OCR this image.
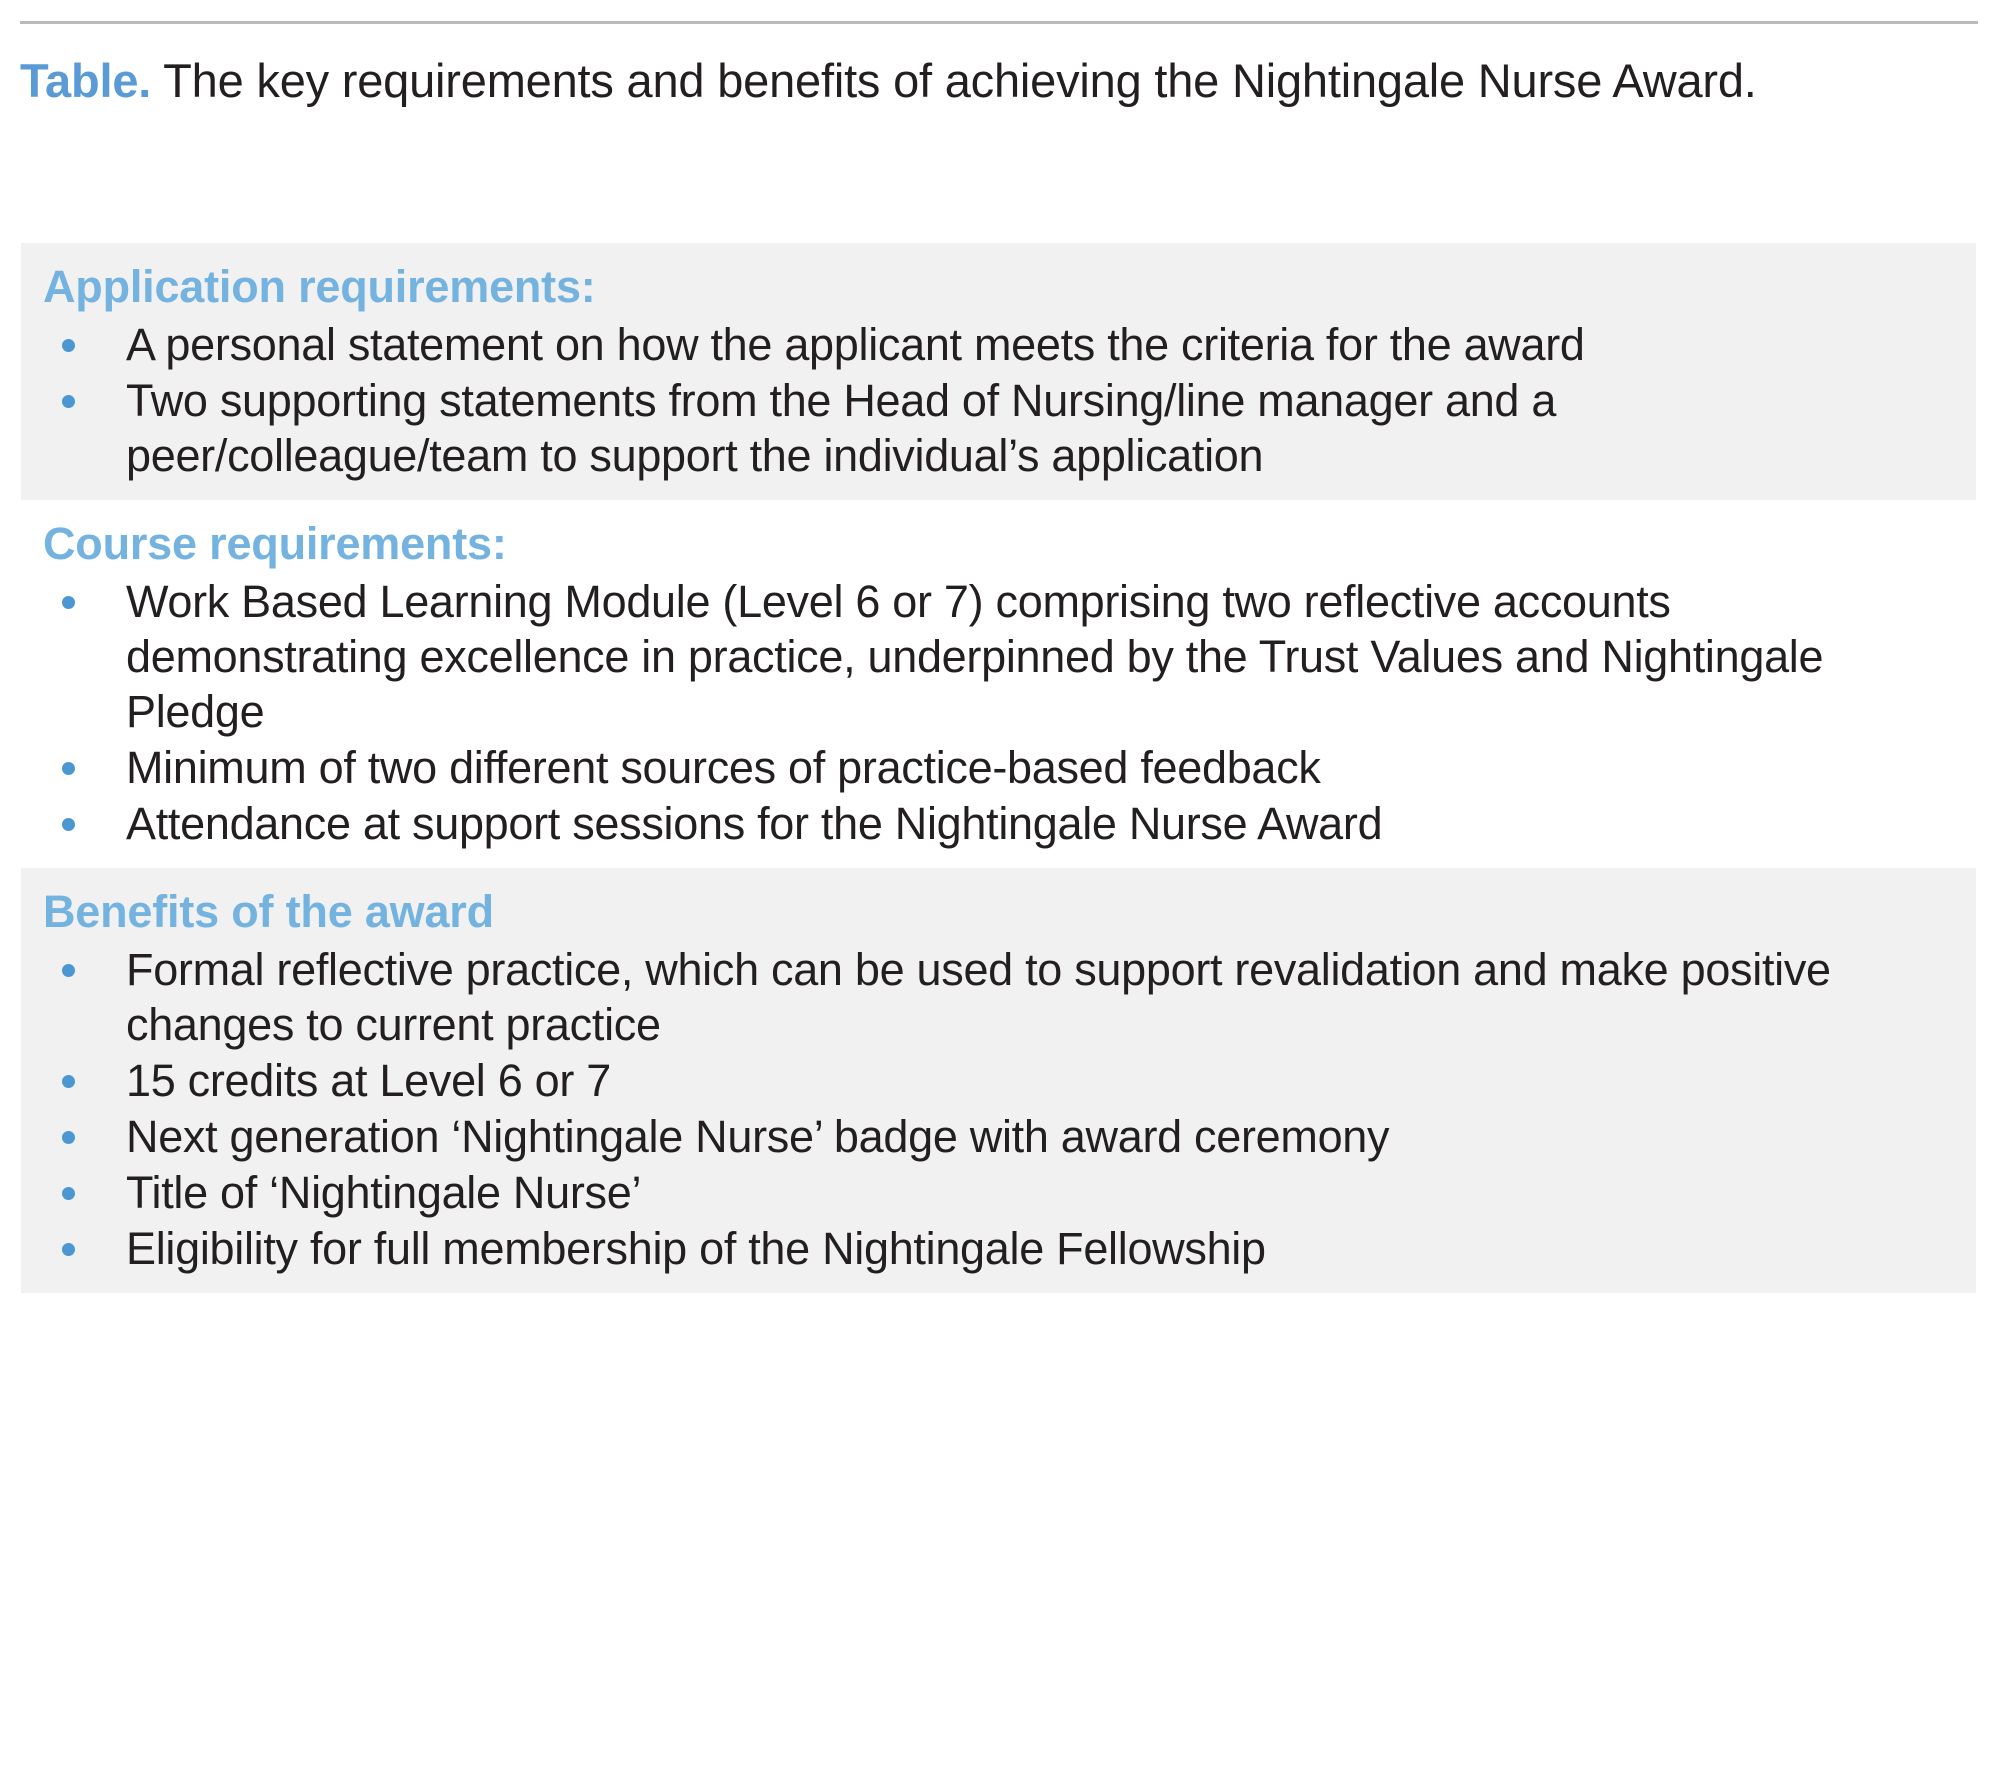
Table. The key requirements and benefits of achieving the Nightingale Nurse Award.
Application requirements:
A personal statement on how the applicant meets the criteria for the award
Two supporting statements from the Head of Nursing/line manager and a peer/colleague/team to support the individual’s application
Course requirements:
Work Based Learning Module (Level 6 or 7) comprising two reflective accounts demonstrating excellence in practice, underpinned by the Trust Values and Nightingale Pledge
Minimum of two different sources of practice-based feedback
Attendance at support sessions for the Nightingale Nurse Award
Benefits of the award
Formal reflective practice, which can be used to support revalidation and make positive changes to current practice
15 credits at Level 6 or 7
Next generation ‘Nightingale Nurse’ badge with award ceremony
Title of ‘Nightingale Nurse’
Eligibility for full membership of the Nightingale Fellowship
